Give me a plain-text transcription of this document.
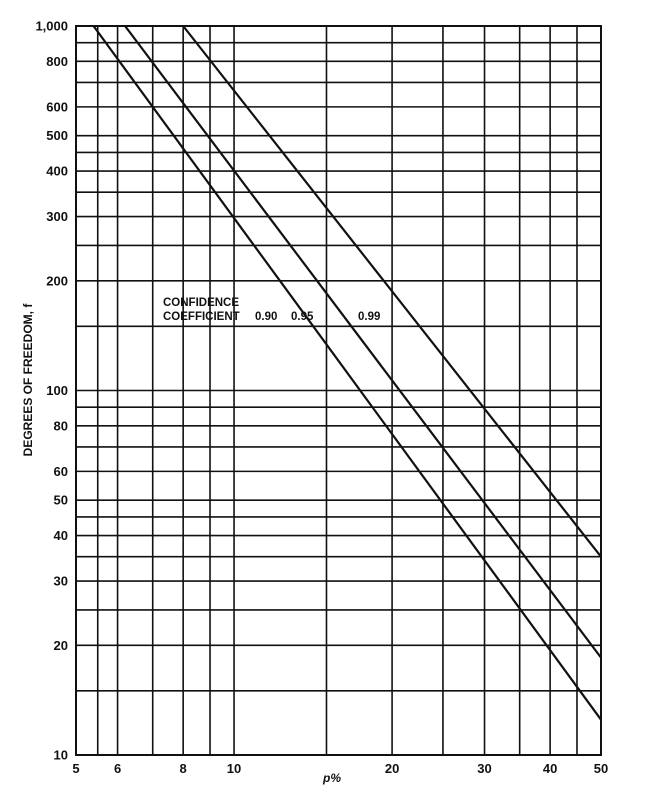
5	6	8	10	20	30	40	50
10
20
30
40
50
60
80
100
200
300
400
500
600
800
1,000
DEGREES OF FREEDOM, f
p%
CONFIDENCE
COEFFICIENT 0.90 0.95	0.99
